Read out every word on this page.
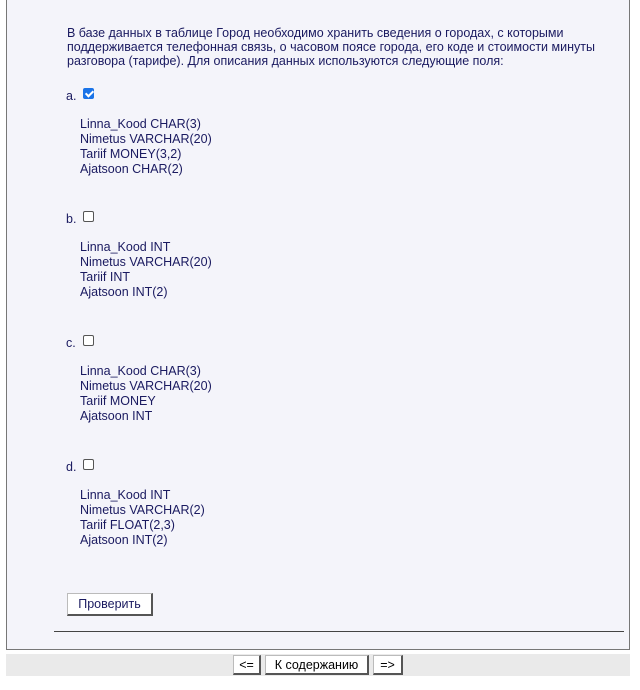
В базе данных в таблице Город необходимо хранить сведения о городах, с которыми поддерживается телефонная связь, о часовом поясе города, его коде и стоимости минуты разговора (тарифе). Для описания данных используются следующие поля:
a.
Linna_Kood CHAR(3)
Nimetus VARCHAR(20)
Tariif MONEY(3,2)
Ajatsoon CHAR(2)
b.
Linna_Kood INT
Nimetus VARCHAR(20)
Tariif INT
Ajatsoon INT(2)
c.
Linna_Kood CHAR(3)
Nimetus VARCHAR(20)
Tariif MONEY
Ajatsoon INT
d.
Linna_Kood INT
Nimetus VARCHAR(2)
Tariif FLOAT(2,3)
Ajatsoon INT(2)
Проверить
<=	К содержанию	=>
